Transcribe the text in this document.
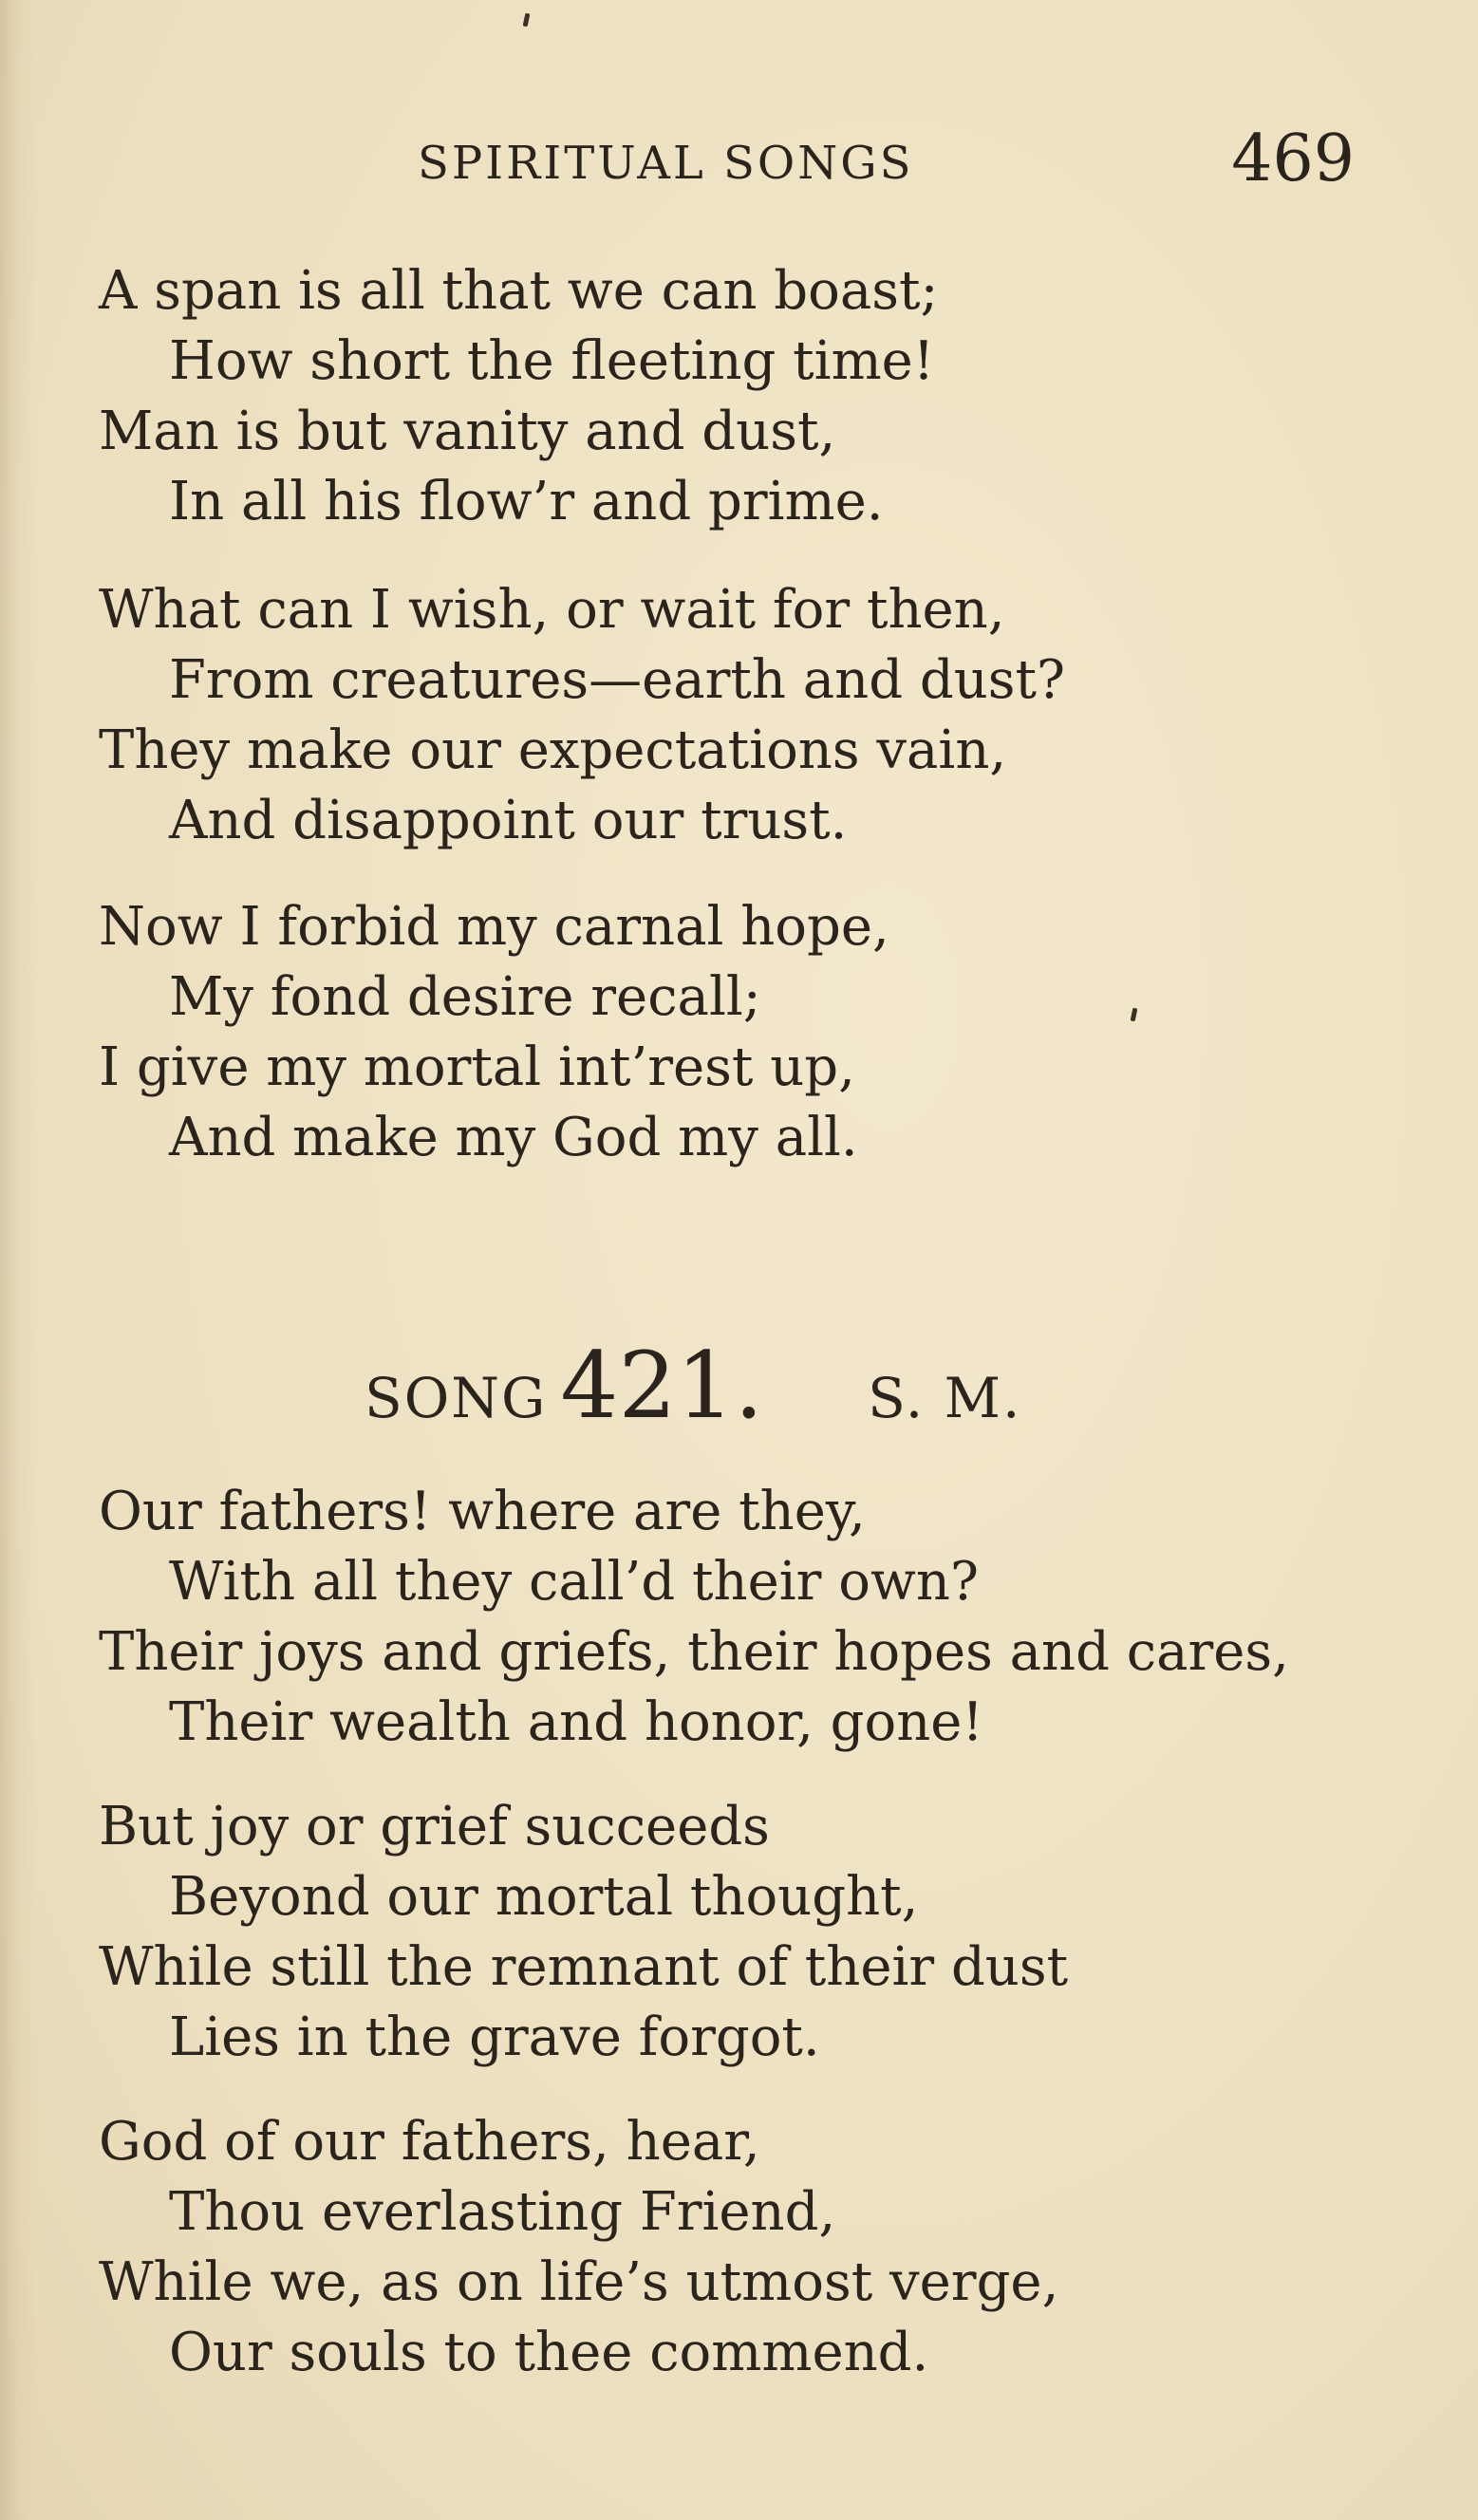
SPIRITUAL SONGS	469
A span is all that we can boast;
How short the fleeting time!
Man is but vanity and dust,
In all his flow’r and prime.
What can I wish, or wait for then,
From creatures—earth and dust?
They make our expectations vain,
And disappoint our trust.
Now I forbid my carnal hope,
My fond desire recall;
I give my mortal int’rest up,
And make my God my all.
SONG 421. S. M.
Our fathers! where are they,
With all they call’d their own?
Their joys and griefs, their hopes and cares,
Their wealth and honor, gone!
But joy or grief succeeds
Beyond our mortal thought,
While still the remnant of their dust
Lies in the grave forgot.
God of our fathers, hear,
Thou everlasting Friend,
While we, as on life’s utmost verge,
Our souls to thee commend.
